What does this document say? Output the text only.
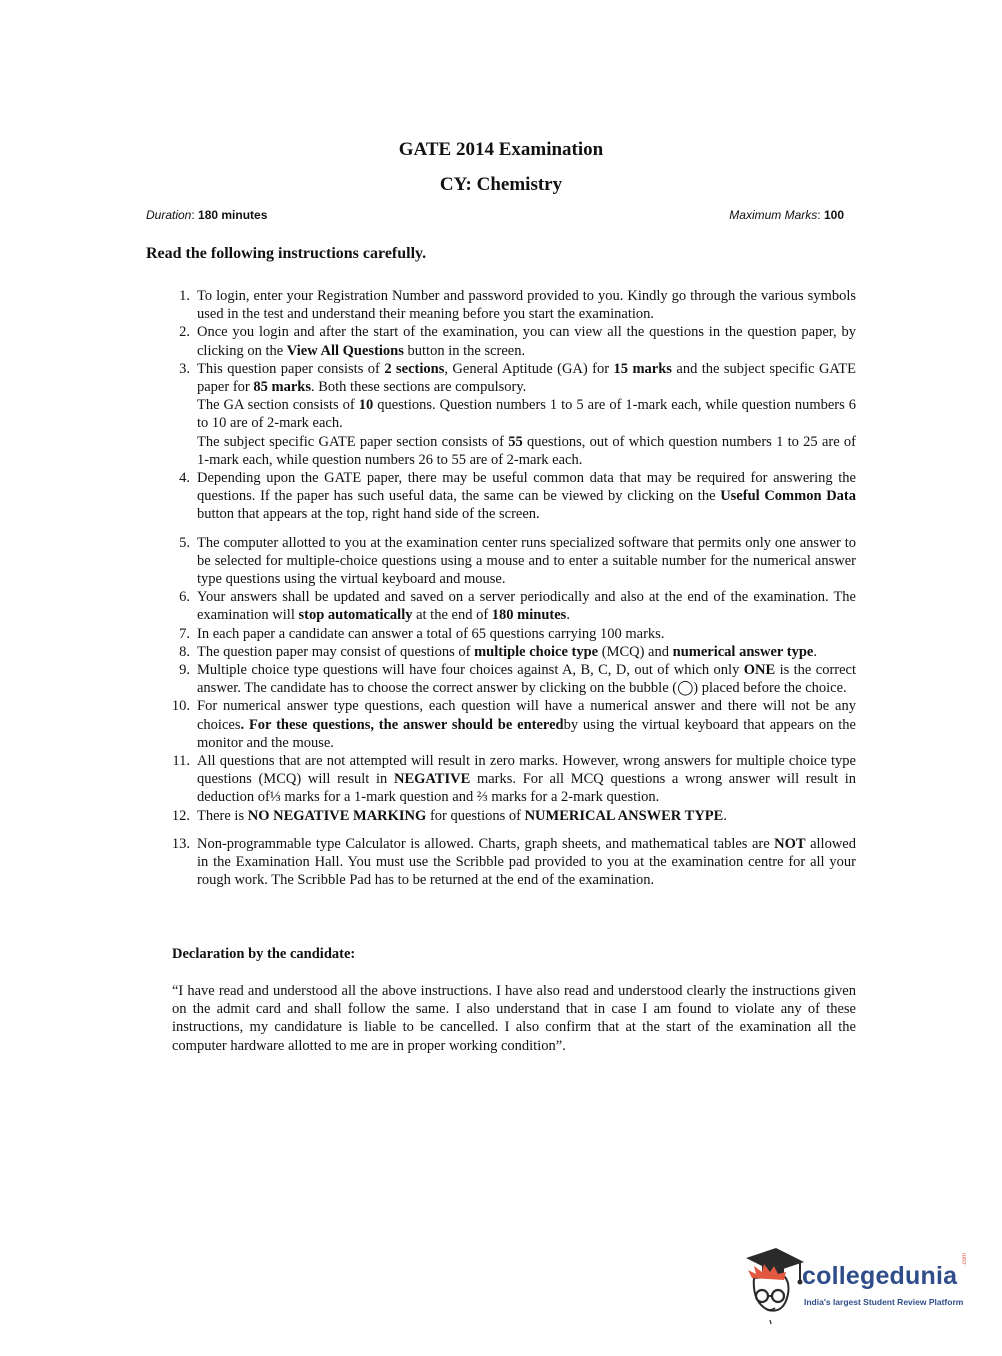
GATE 2014 Examination
CY: Chemistry
Duration: 180 minutes	Maximum Marks: 100
Read the following instructions carefully.
1. To login, enter your Registration Number and password provided to you. Kindly go through the various symbols used in the test and understand their meaning before you start the examination.
2. Once you login and after the start of the examination, you can view all the questions in the question paper, by clicking on the View All Questions button in the screen.
3. This question paper consists of 2 sections, General Aptitude (GA) for 15 marks and the subject specific GATE paper for 85 marks. Both these sections are compulsory.
The GA section consists of 10 questions. Question numbers 1 to 5 are of 1-mark each, while question numbers 6 to 10 are of 2-mark each.
The subject specific GATE paper section consists of 55 questions, out of which question numbers 1 to 25 are of 1-mark each, while question numbers 26 to 55 are of 2-mark each.
4. Depending upon the GATE paper, there may be useful common data that may be required for answering the questions. If the paper has such useful data, the same can be viewed by clicking on the Useful Common Data button that appears at the top, right hand side of the screen.
5. The computer allotted to you at the examination center runs specialized software that permits only one answer to be selected for multiple-choice questions using a mouse and to enter a suitable number for the numerical answer type questions using the virtual keyboard and mouse.
6. Your answers shall be updated and saved on a server periodically and also at the end of the examination. The examination will stop automatically at the end of 180 minutes.
7. In each paper a candidate can answer a total of 65 questions carrying 100 marks.
8. The question paper may consist of questions of multiple choice type (MCQ) and numerical answer type.
9. Multiple choice type questions will have four choices against A, B, C, D, out of which only ONE is the correct answer. The candidate has to choose the correct answer by clicking on the bubble (◯) placed before the choice.
10. For numerical answer type questions, each question will have a numerical answer and there will not be any choices. For these questions, the answer should be enteredby using the virtual keyboard that appears on the monitor and the mouse.
11. All questions that are not attempted will result in zero marks. However, wrong answers for multiple choice type questions (MCQ) will result in NEGATIVE marks. For all MCQ questions a wrong answer will result in deduction of⅓ marks for a 1-mark question and ⅔ marks for a 2-mark question.
12. There is NO NEGATIVE MARKING for questions of NUMERICAL ANSWER TYPE.
13. Non-programmable type Calculator is allowed. Charts, graph sheets, and mathematical tables are NOT allowed in the Examination Hall. You must use the Scribble pad provided to you at the examination centre for all your rough work. The Scribble Pad has to be returned at the end of the examination.
Declaration by the candidate:
“I have read and understood all the above instructions. I have also read and understood clearly the instructions given on the admit card and shall follow the same. I also understand that in case I am found to violate any of these instructions, my candidature is liable to be cancelled. I also confirm that at the start of the examination all the computer hardware allotted to me are in proper working condition”.
collegedunia
.com
India's largest Student Review Platform
